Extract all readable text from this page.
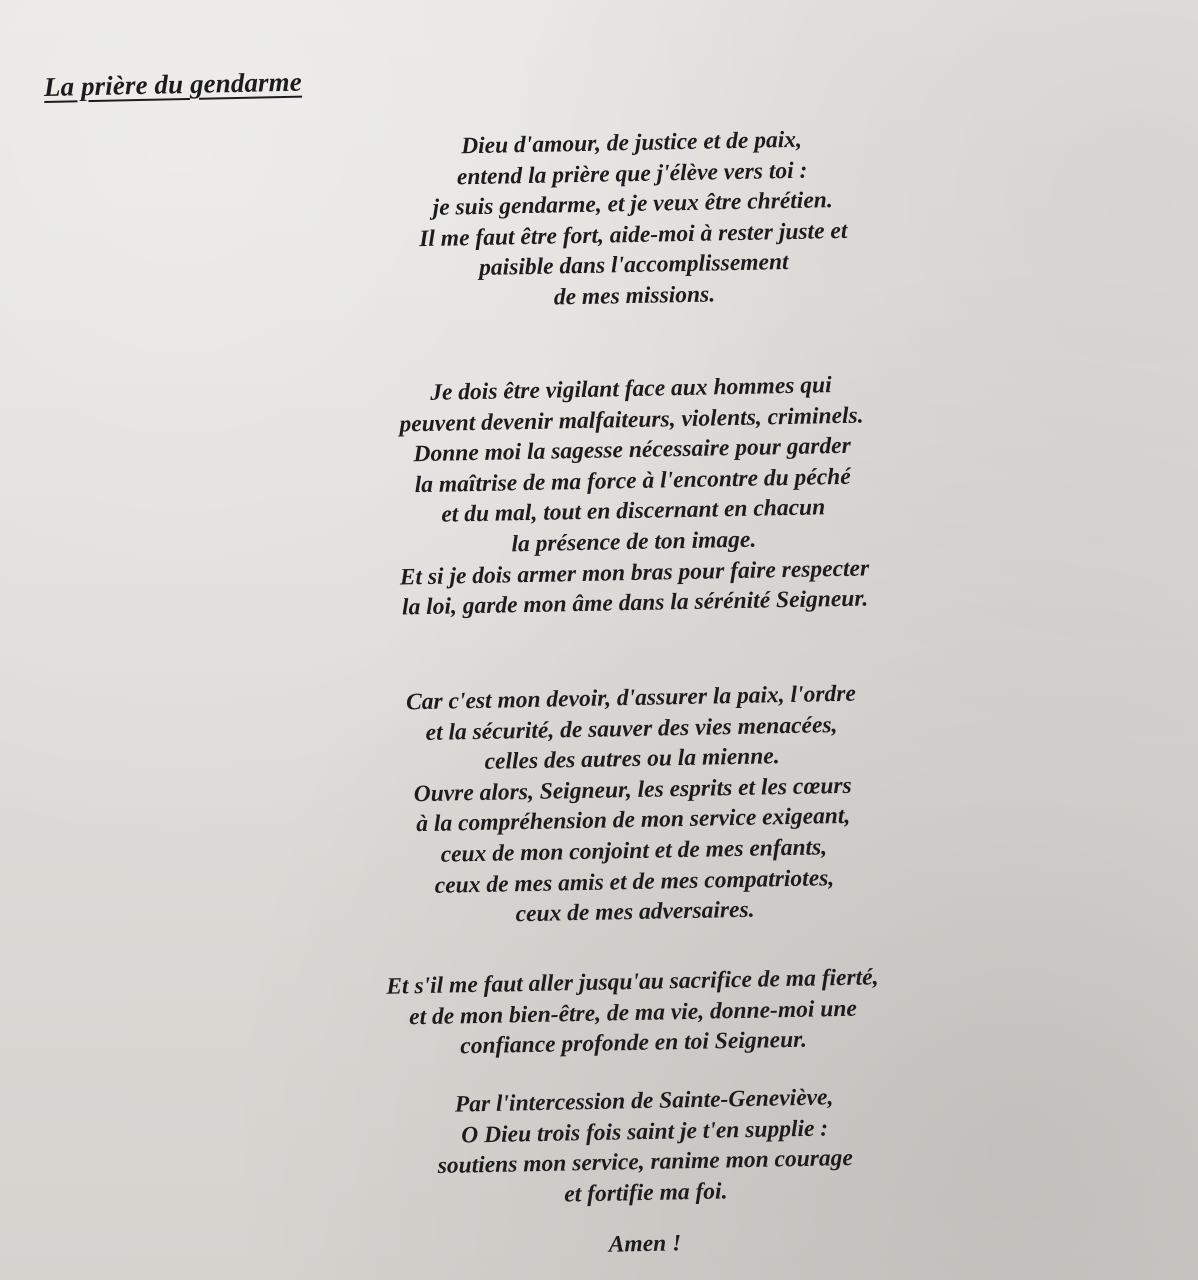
La prière du gendarme
Dieu d'amour, de justice et de paix,
entend la prière que j'élève vers toi :
je suis gendarme, et je veux être chrétien.
Il me faut être fort, aide-moi à rester juste et
paisible dans l'accomplissement
de mes missions.
Je dois être vigilant face aux hommes qui
peuvent devenir malfaiteurs, violents, criminels.
Donne moi la sagesse nécessaire pour garder
la maîtrise de ma force à l'encontre du péché
et du mal, tout en discernant en chacun
la présence de ton image.
Et si je dois armer mon bras pour faire respecter
la loi, garde mon âme dans la sérénité Seigneur.
Car c'est mon devoir, d'assurer la paix, l'ordre
et la sécurité, de sauver des vies menacées,
celles des autres ou la mienne.
Ouvre alors, Seigneur, les esprits et les cœurs
à la compréhension de mon service exigeant,
ceux de mon conjoint et de mes enfants,
ceux de mes amis et de mes compatriotes,
ceux de mes adversaires.
Et s'il me faut aller jusqu'au sacrifice de ma fierté,
et de mon bien-être, de ma vie, donne-moi une
confiance profonde en toi Seigneur.
Par l'intercession de Sainte-Geneviève,
O Dieu trois fois saint je t'en supplie :
soutiens mon service, ranime mon courage
et fortifie ma foi.
Amen !
